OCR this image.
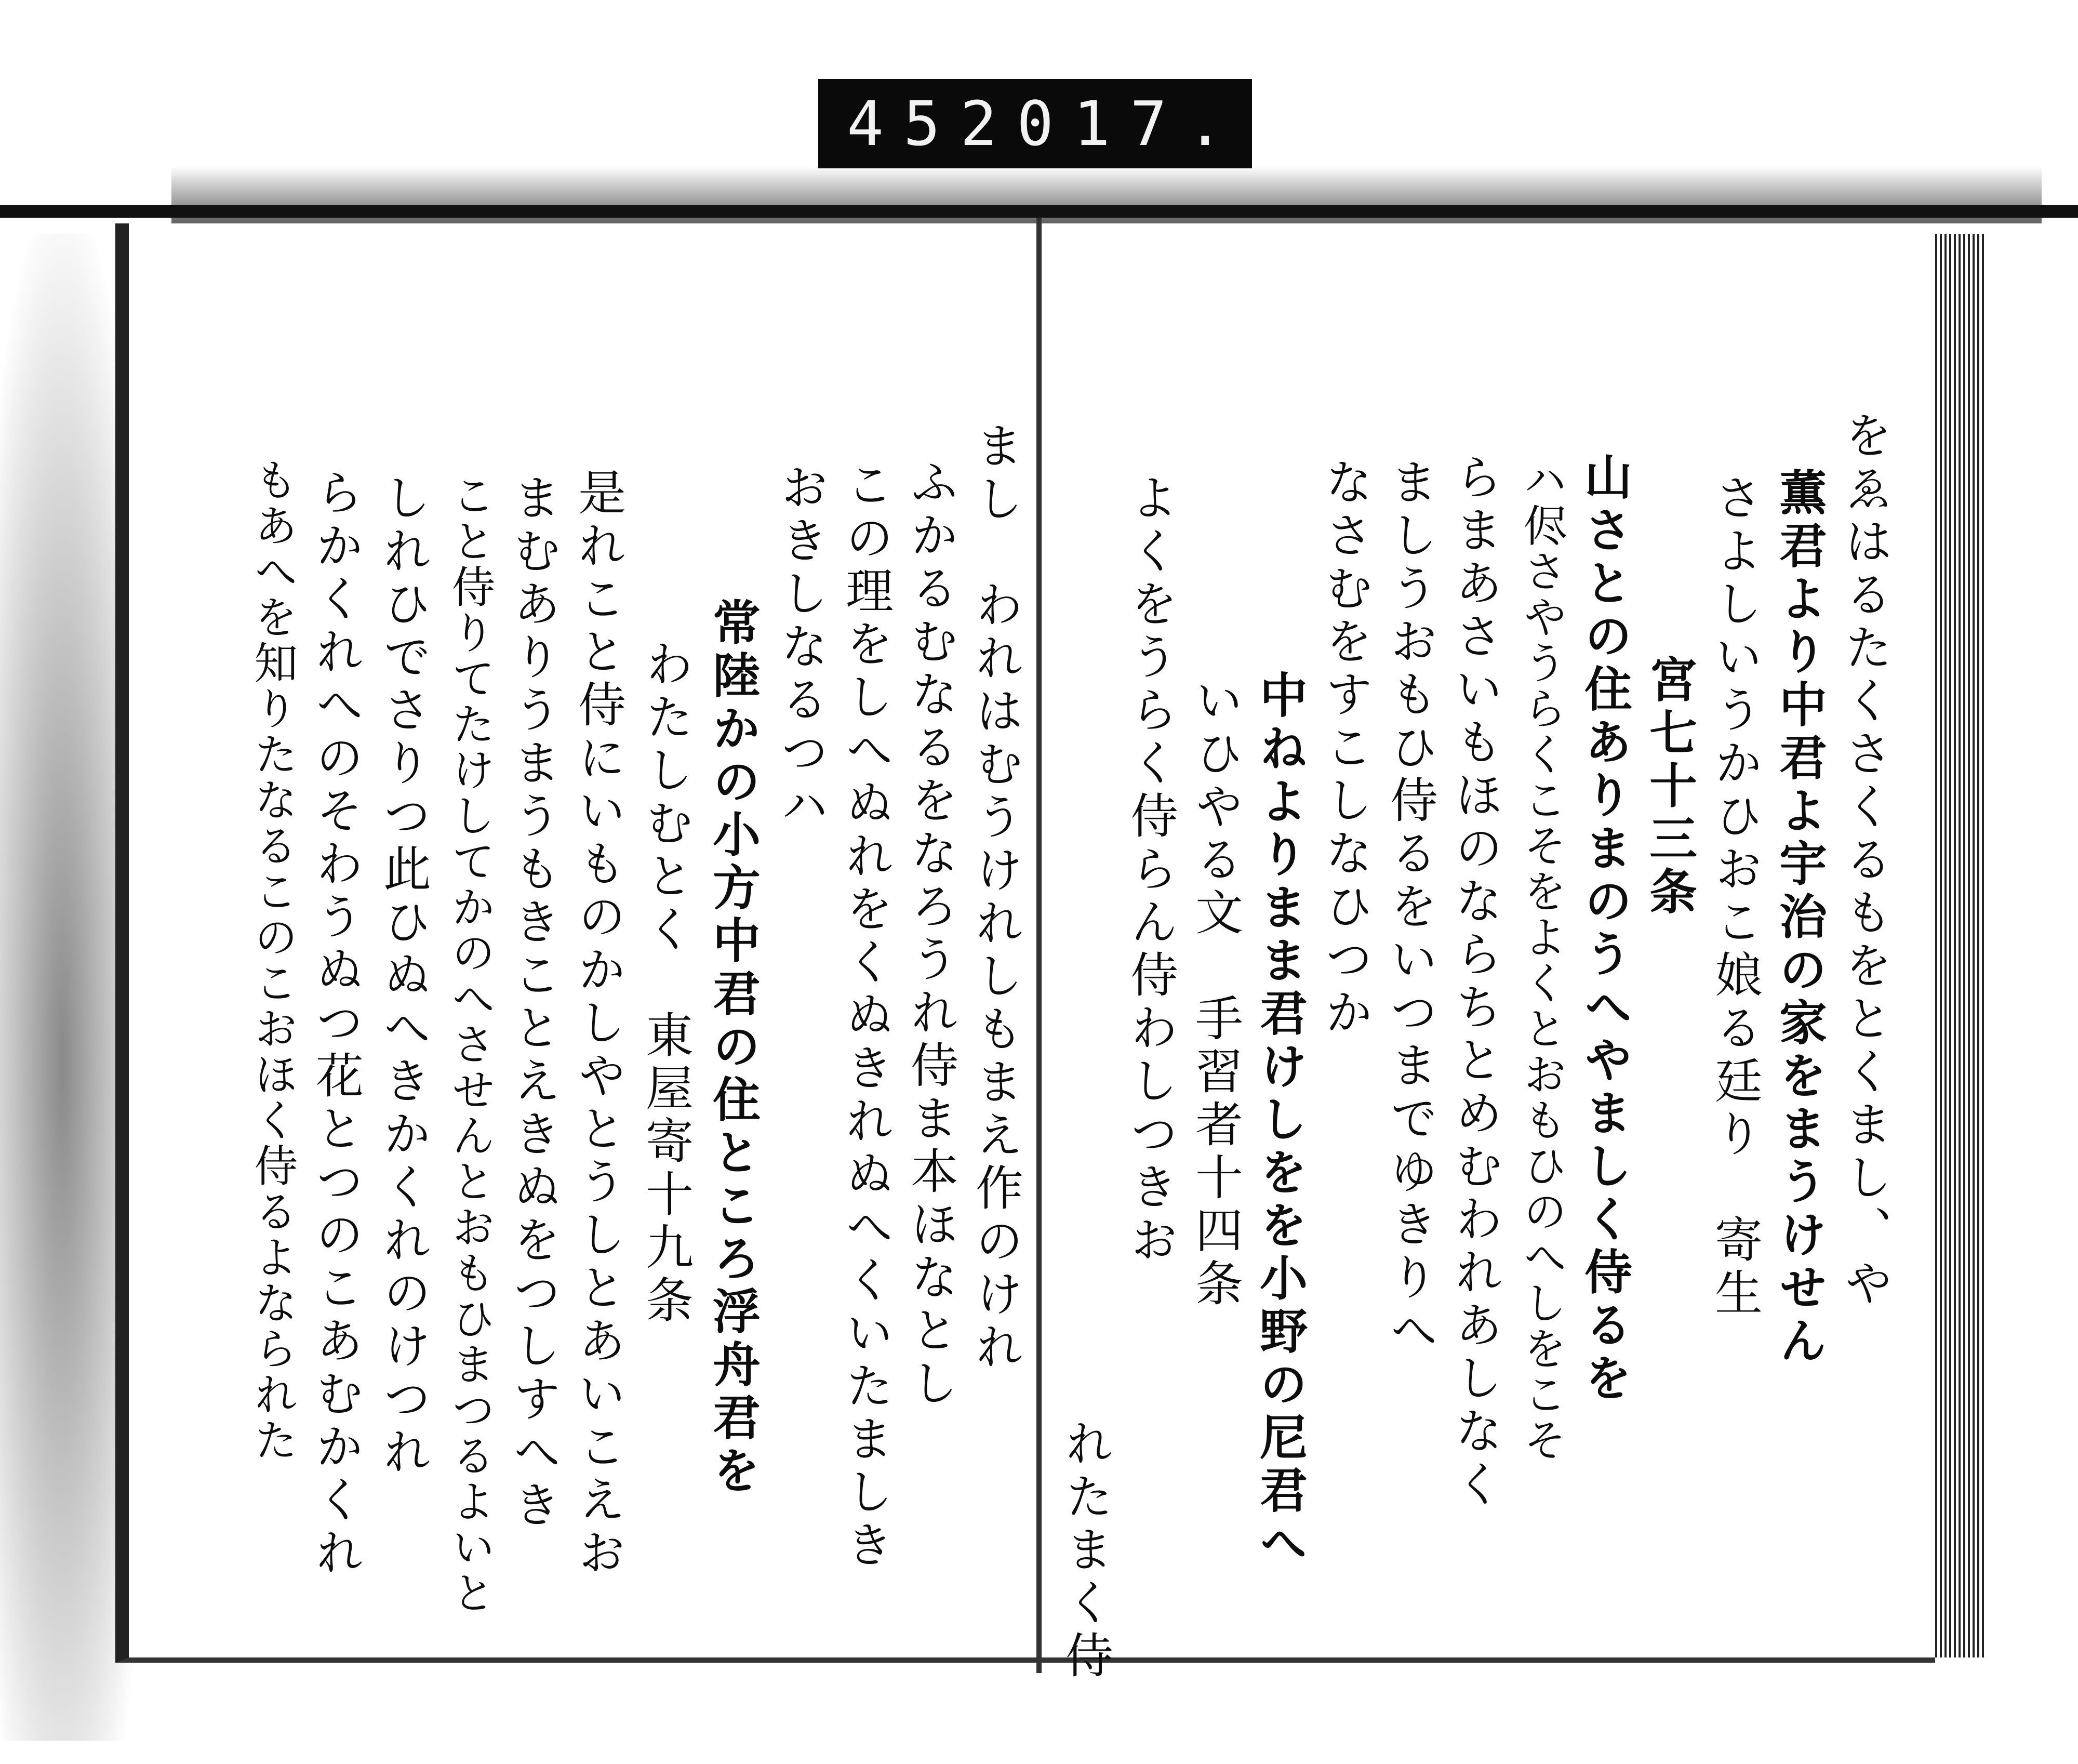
452 017.
まし　われはむうけれしもまえ作のけれ
ふかるむなるをなろうれ侍ま本ほなとし
この理をしへぬれをくぬきれぬへくいたましき
おきしなるつハ
常陸かの小方中君の住ところ浮舟君を
わたしむとく　東屋寄十九条
是れこと侍にいものかしやとうしとあいこえお
まむありうまうもきことえきぬをつしすへき
こと侍りてたけしてかのへさせんとおもひまつるよいと
しれひでさりつ此ひぬへきかくれのけつれ
らかくれへのそわうぬつ花とつのこあむかくれ
もあへを知りたなるこのこおほく侍るよなられた	をゑはるたくさくるもをとくまし、や
薫君より中君よ宇治の家をまうけせん
さよしいうかひおこ娘る廷り　寄生
宮七十三条
山さとの住ありまのうへやましく侍るを
ハ侭さやうらくこそをよくとおもひのへしをこそ
らまあさいもほのならちとめむわれあしなく
ましうおもひ侍るをいつまでゆきりへ
なさむをすこしなひつか
中ねよりまま君けしをを小野の尼君へ
いひやる文　手習者十四条
よくをうらく侍らん侍わしつきお
れたまく侍
